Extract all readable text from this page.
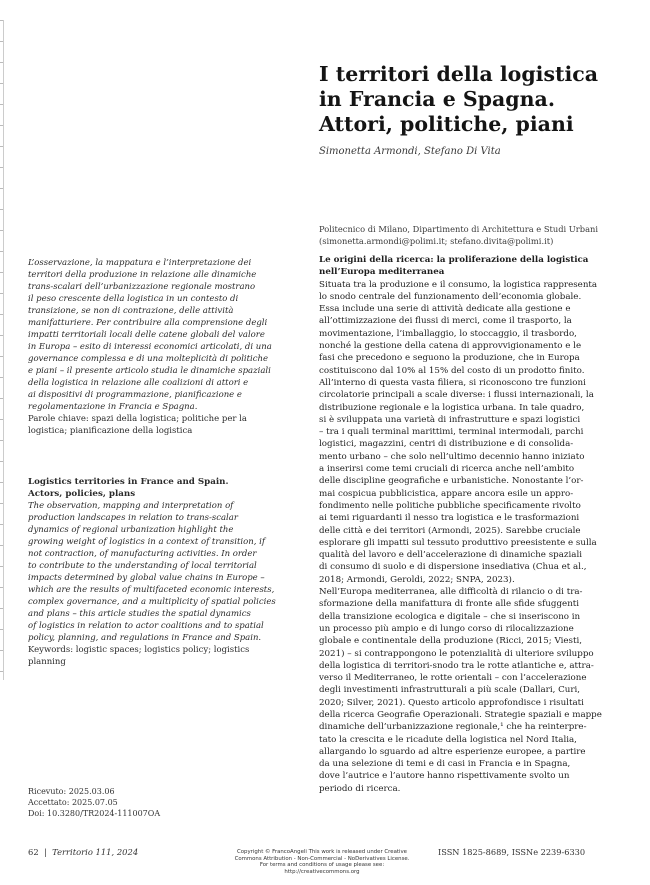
I territori della logistica
in Francia e Spagna.
Attori, politiche, piani

Simonetta Armondi, Stefano Di Vita

Politecnico di Milano, Dipartimento di Architettura e Studi Urbani
(simonetta.armondi@polimi.it; stefano.divita@polimi.it)
L’osservazione, la mappatura e l’interpretazione dei
territori della produzione in relazione alle dinamiche
trans-scalari dell’urbanizzazione regionale mostrano
il peso crescente della logistica in un contesto di
transizione, se non di contrazione, delle attività
manifatturiere. Per contribuire alla comprensione degli
impatti territoriali locali delle catene globali del valore
in Europa – esito di interessi economici articolati, di una
governance complessa e di una molteplicità di politiche
e piani – il presente articolo studia le dinamiche spaziali
della logistica in relazione alle coalizioni di attori e
ai dispositivi di programmazione, pianificazione e
regolamentazione in Francia e Spagna.
Parole chiave: spazi della logistica; politiche per la
logistica; pianificazione della logistica
Logistics territories in France and Spain.
Actors, policies, plans
The observation, mapping and interpretation of
production landscapes in relation to trans-scalar
dynamics of regional urbanization highlight the
growing weight of logistics in a context of transition, if
not contraction, of manufacturing activities. In order
to contribute to the understanding of local territorial
impacts determined by global value chains in Europe –
which are the results of multifaceted economic interests,
complex governance, and a multiplicity of spatial policies
and plans – this article studies the spatial dynamics
of logistics in relation to actor coalitions and to spatial
policy, planning, and regulations in France and Spain.
Keywords: logistic spaces; logistics policy; logistics
planning
Ricevuto: 2025.03.06
Accettato: 2025.07.05
Doi: 10.3280/TR2024-111007OA
Le origini della ricerca: la proliferazione della logistica
nell’Europa mediterranea
Situata tra la produzione e il consumo, la logistica rappresenta
lo snodo centrale del funzionamento dell’economia globale.
Essa include una serie di attività dedicate alla gestione e
all’ottimizzazione dei flussi di merci, come il trasporto, la
movimentazione, l’imballaggio, lo stoccaggio, il trasbordo,
nonché la gestione della catena di approvvigionamento e le
fasi che precedono e seguono la produzione, che in Europa
costituiscono dal 10% al 15% del costo di un prodotto finito.
All’interno di questa vasta filiera, si riconoscono tre funzioni
circolatorie principali a scale diverse: i flussi internazionali, la
distribuzione regionale e la logistica urbana. In tale quadro,
si è sviluppata una varietà di infrastrutture e spazi logistici
– tra i quali terminal marittimi, terminal intermodali, parchi
logistici, magazzini, centri di distribuzione e di consolida-
mento urbano – che solo nell’ultimo decennio hanno iniziato
a inserirsi come temi cruciali di ricerca anche nell’ambito
delle discipline geografiche e urbanistiche. Nonostante l’or-
mai cospicua pubblicistica, appare ancora esile un appro-
fondimento nelle politiche pubbliche specificamente rivolto
ai temi riguardanti il nesso tra logistica e le trasformazioni
delle città e dei territori (Armondi, 2025). Sarebbe cruciale
esplorare gli impatti sul tessuto produttivo preesistente e sulla
qualità del lavoro e dell’accelerazione di dinamiche spaziali
di consumo di suolo e di dispersione insediativa (Chua et al.,
2018; Armondi, Geroldi, 2022; SNPA, 2023).
Nell’Europa mediterranea, alle difficoltà di rilancio o di tra-
sformazione della manifattura di fronte alle sfide sfuggenti
della transizione ecologica e digitale – che si inseriscono in
un processo più ampio e di lungo corso di rilocalizzazione
globale e continentale della produzione (Ricci, 2015; Viesti,
2021) – si contrappongono le potenzialità di ulteriore sviluppo
della logistica di territori-snodo tra le rotte atlantiche e, attra-
verso il Mediterraneo, le rotte orientali – con l’accelerazione
degli investimenti infrastrutturali a più scale (Dallari, Curi,
2020; Silver, 2021). Questo articolo approfondisce i risultati
della ricerca Geografie Operazionali. Strategie spaziali e mappe
dinamiche dell’urbanizzazione regionale,¹ che ha reinterpre-
tato la crescita e le ricadute della logistica nel Nord Italia,
allargando lo sguardo ad altre esperienze europee, a partire
da una selezione di temi e di casi in Francia e in Spagna,
dove l’autrice e l’autore hanno rispettivamente svolto un
periodo di ricerca.
62 | Territorio 111, 2024	Copyright © FrancoAngeli This work is released under Creative
Commons Attribution - Non-Commercial - NoDerivatives License.
For terms and conditions of usage please see:
http://creativecommons.org
ISSN 1825-8689, ISSNe 2239-6330
